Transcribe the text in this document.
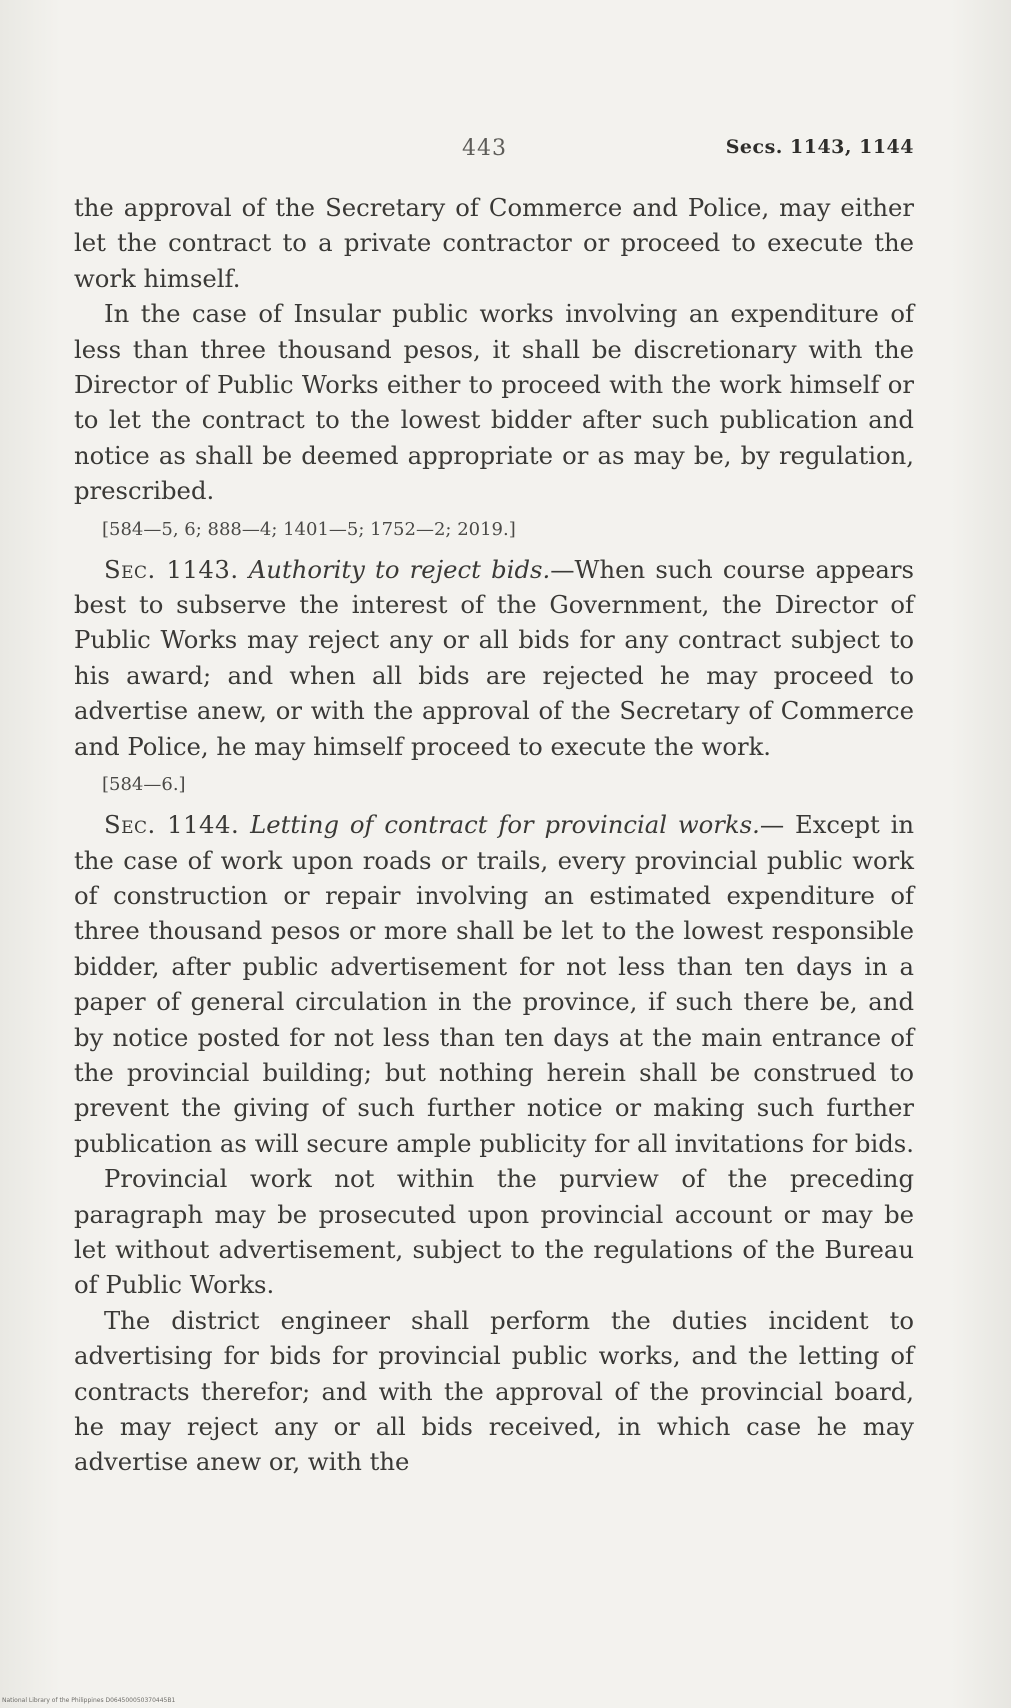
443	Secs. 1143, 1144

the approval of the Secretary of Commerce and Police, may either let the contract to a private contractor or proceed to execute the work himself.

In the case of Insular public works involving an expenditure of less than three thousand pesos, it shall be discretionary with the Director of Public Works either to proceed with the work himself or to let the contract to the lowest bidder after such publication and notice as shall be deemed appropriate or as may be, by regulation, prescribed.

[584—5, 6; 888—4; 1401—5; 1752—2; 2019.]

Sec. 1143. Authority to reject bids.—When such course appears best to subserve the interest of the Government, the Director of Public Works may reject any or all bids for any contract subject to his award; and when all bids are rejected he may proceed to advertise anew, or with the approval of the Secretary of Commerce and Police, he may himself proceed to execute the work.

[584—6.]

Sec. 1144. Letting of contract for provincial works.— Except in the case of work upon roads or trails, every provincial public work of construction or repair involving an estimated expenditure of three thousand pesos or more shall be let to the lowest responsible bidder, after public advertisement for not less than ten days in a paper of general circulation in the province, if such there be, and by notice posted for not less than ten days at the main entrance of the provincial building; but nothing herein shall be construed to prevent the giving of such further notice or making such further publication as will secure ample publicity for all invitations for bids.

Provincial work not within the purview of the preceding paragraph may be prosecuted upon provincial account or may be let without advertisement, subject to the regulations of the Bureau of Public Works.

The district engineer shall perform the duties incident to advertising for bids for provincial public works, and the letting of contracts therefor; and with the approval of the provincial board, he may reject any or all bids received, in which case he may advertise anew or, with the

National Library of the Philippines D064500050370445B1
